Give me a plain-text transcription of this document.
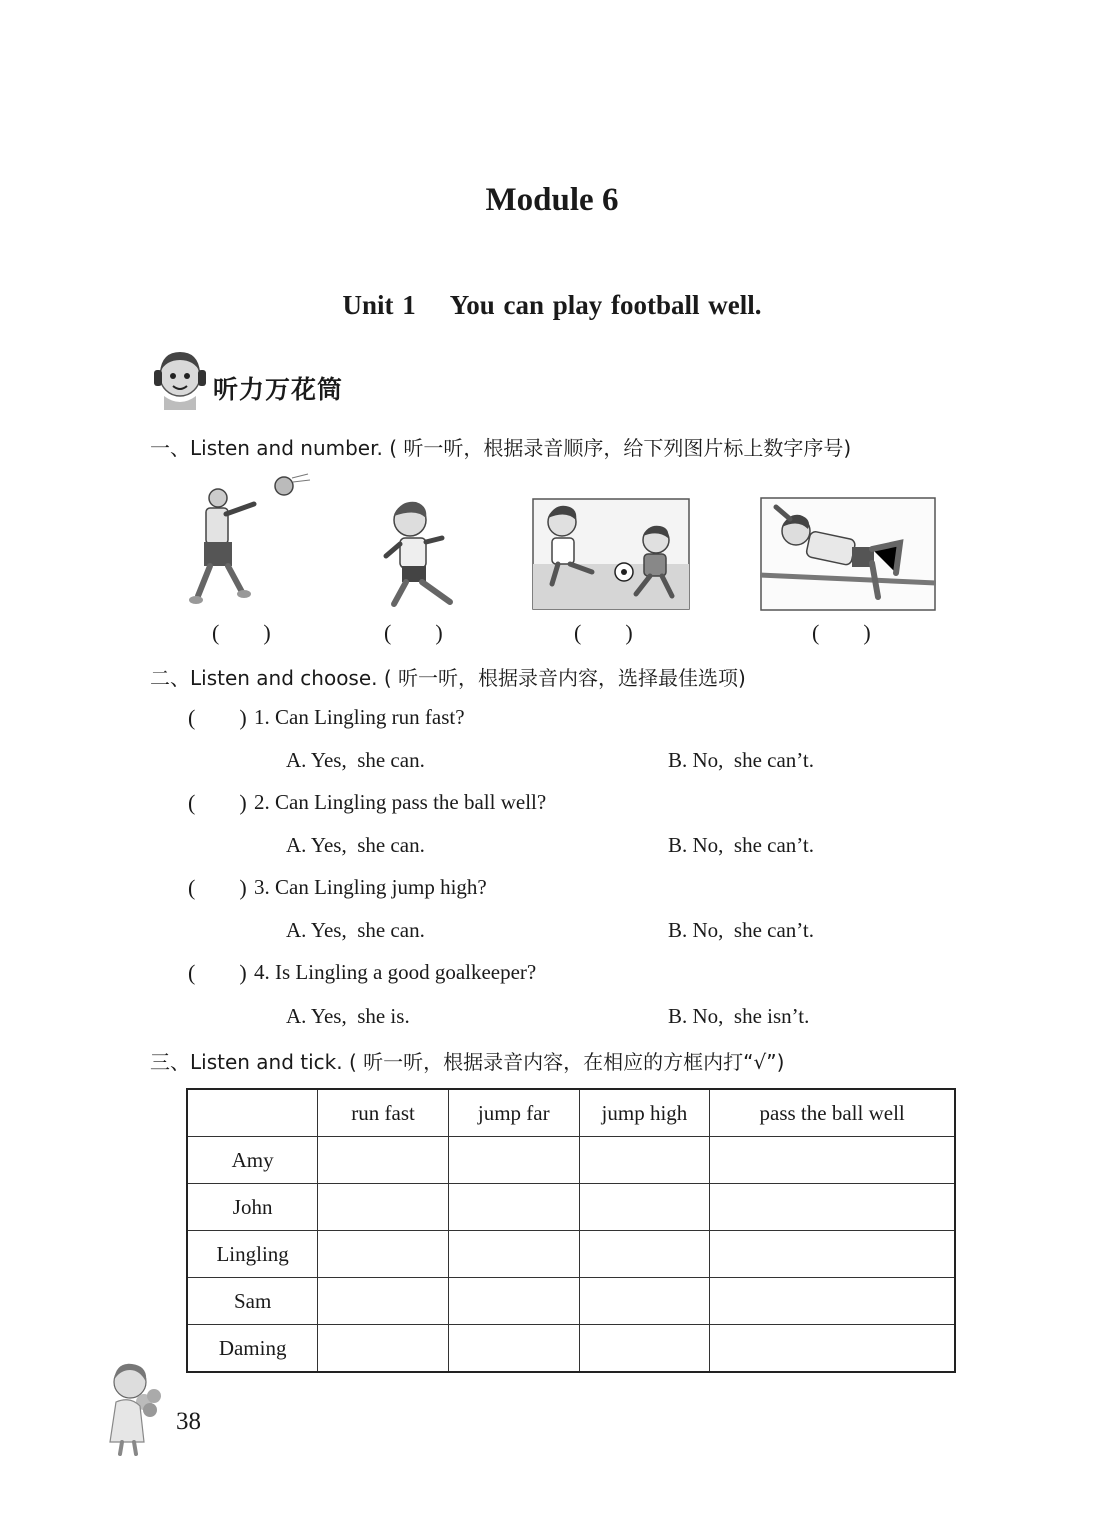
Module 6
Unit 1    You can play football well.
听力万花筒
一、Listen and number. ( 听一听，根据录音顺序，给下列图片标上数字序号)
(        )	(        )	(        )	(        )
二、Listen and choose. ( 听一听，根据录音内容，选择最佳选项)
(        ) 1. Can Lingling run fast?
A. Yes,  she can.	B. No,  she can’t.
(        ) 2. Can Lingling pass the ball well?
A. Yes,  she can.	B. No,  she can’t.
(        ) 3. Can Lingling jump high?
A. Yes,  she can.	B. No,  she can’t.
(        ) 4. Is Lingling a good goalkeeper?
A. Yes,  she is.	B. No,  she isn’t.
三、Listen and tick. ( 听一听，根据录音内容，在相应的方框内打“√”)
	run fast	jump far	jump high	pass the ball well
Amy				
John				
Lingling				
Sam				
Daming				
38
